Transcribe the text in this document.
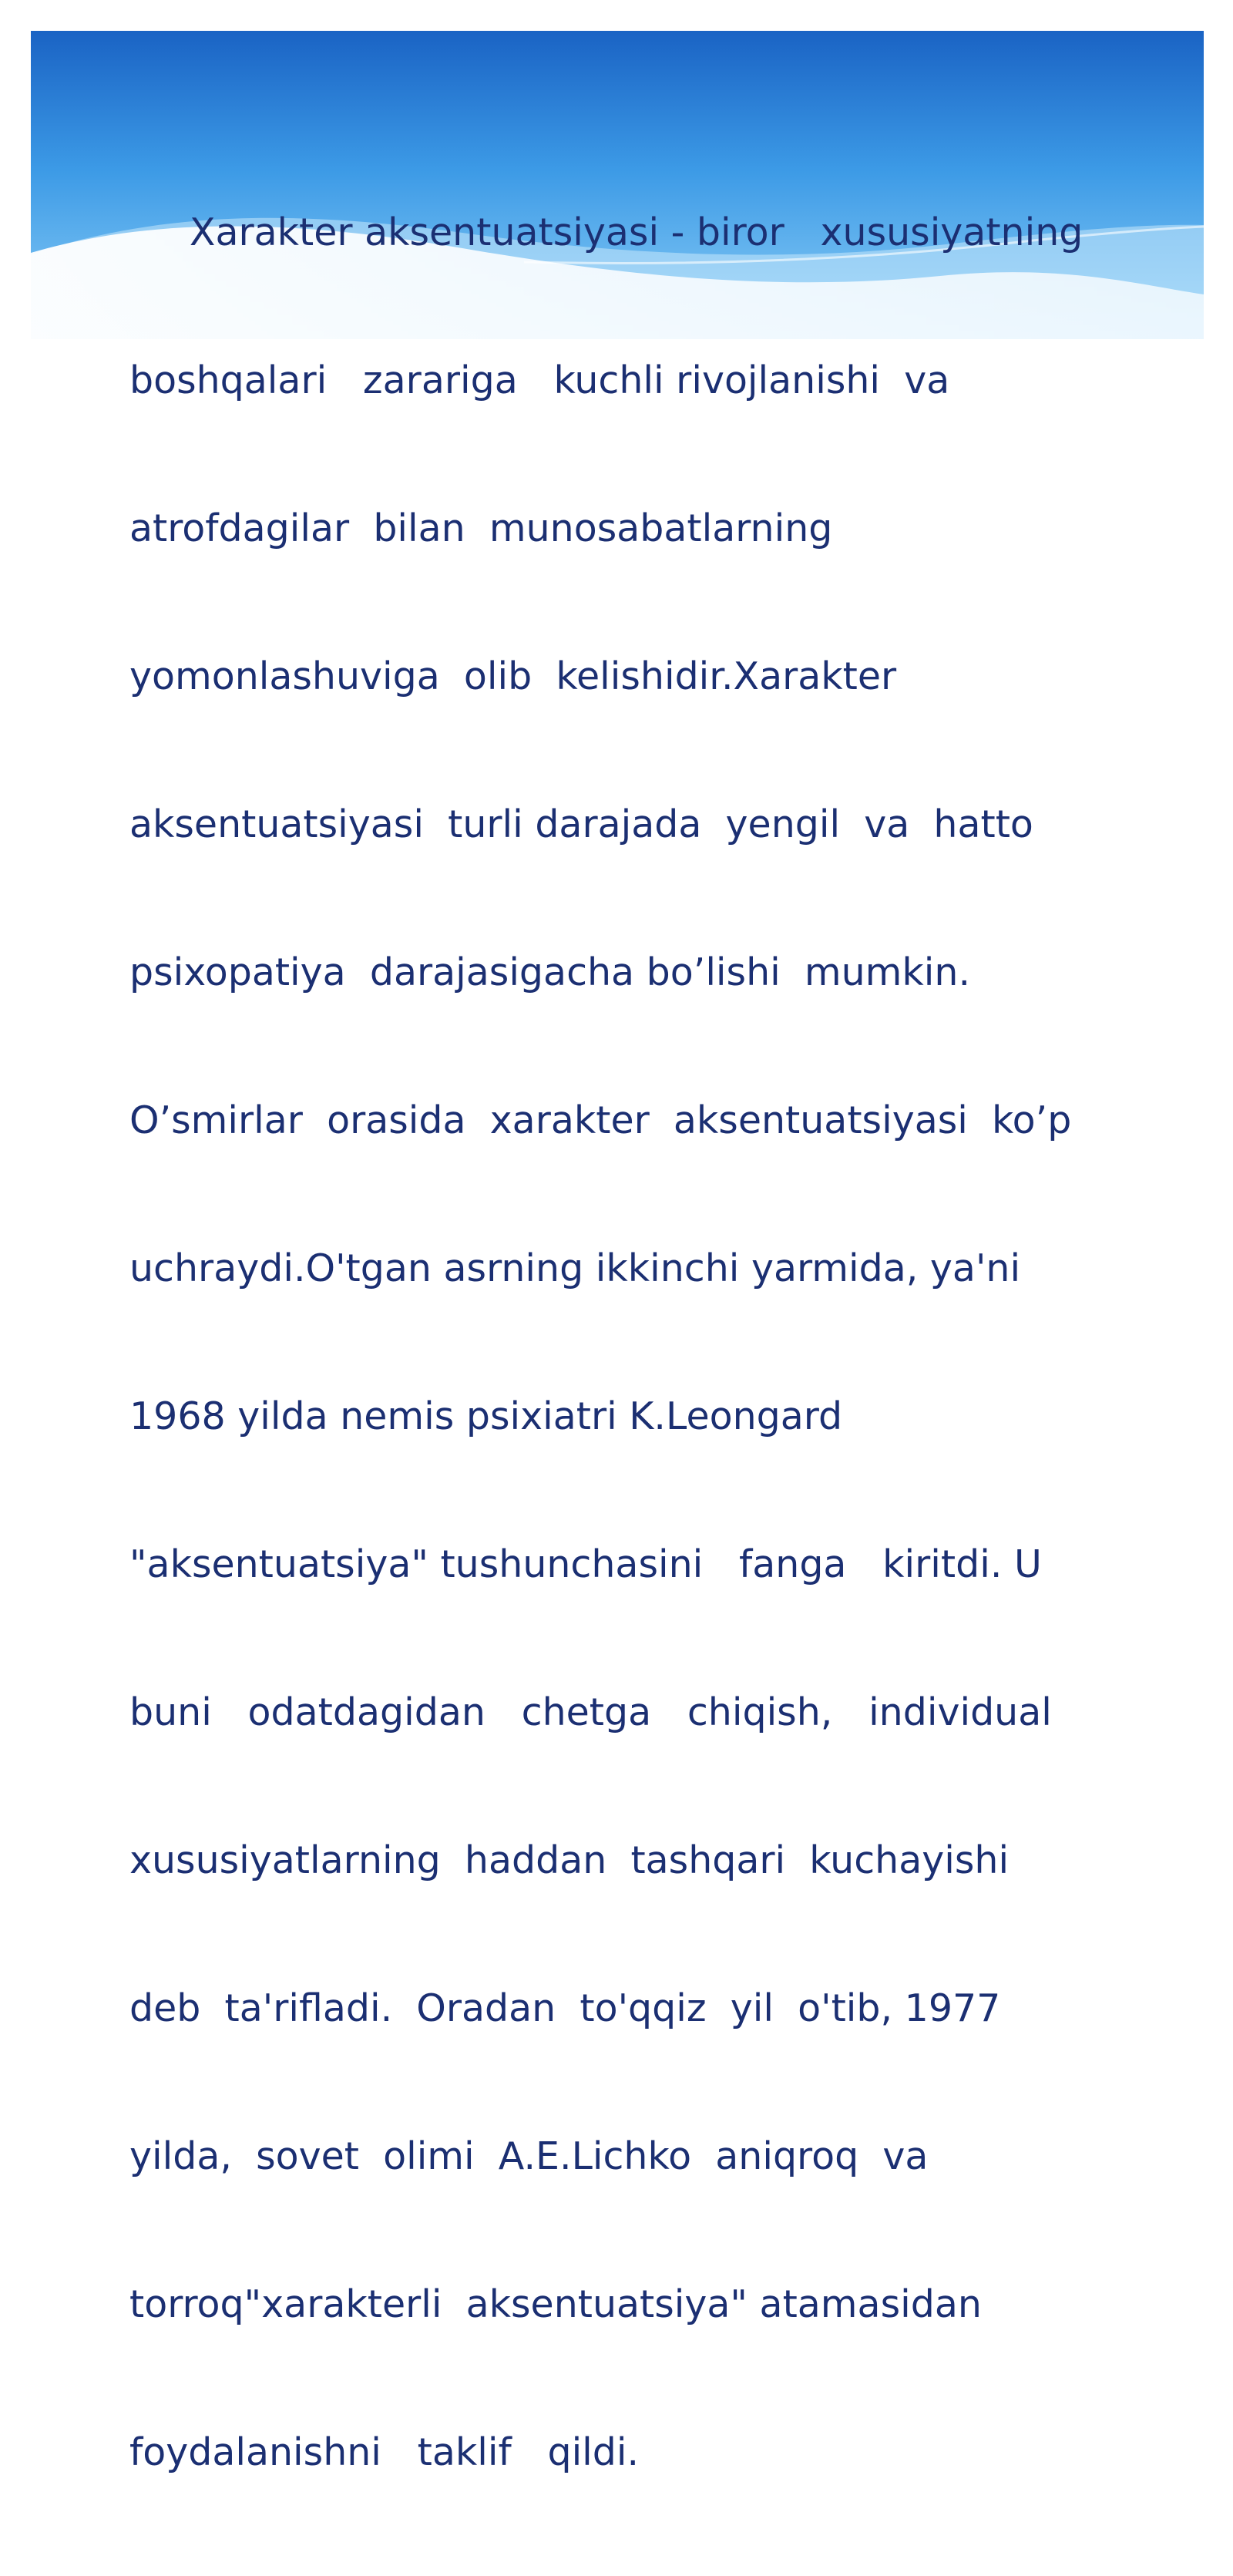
Xarakter aksentuatsiyasi - biror   xususiyatning

boshqalari   zarariga   kuchli rivojlanishi  va

atrofdagilar  bilan  munosabatlarning

yomonlashuviga  olib  kelishidir.Xarakter

aksentuatsiyasi  turli darajada  yengil  va  hatto

psixopatiya  darajasigacha bo’lishi  mumkin.

O’smirlar  orasida  xarakter  aksentuatsiyasi  ko’p

uchraydi.O'tgan asrning ikkinchi yarmida, ya'ni

1968 yilda nemis psixiatri K.Leongard

"aksentuatsiya" tushunchasini   fanga   kiritdi. U

buni   odatdagidan   chetga   chiqish,   individual

xususiyatlarning  haddan  tashqari  kuchayishi

deb  ta'rifladi.  Oradan  to'qqiz  yil  o'tib, 1977

yilda,  sovet  olimi  A.E.Lichko  aniqroq  va

torroq"xarakterli  aksentuatsiya" atamasidan

foydalanishni   taklif   qildi.
